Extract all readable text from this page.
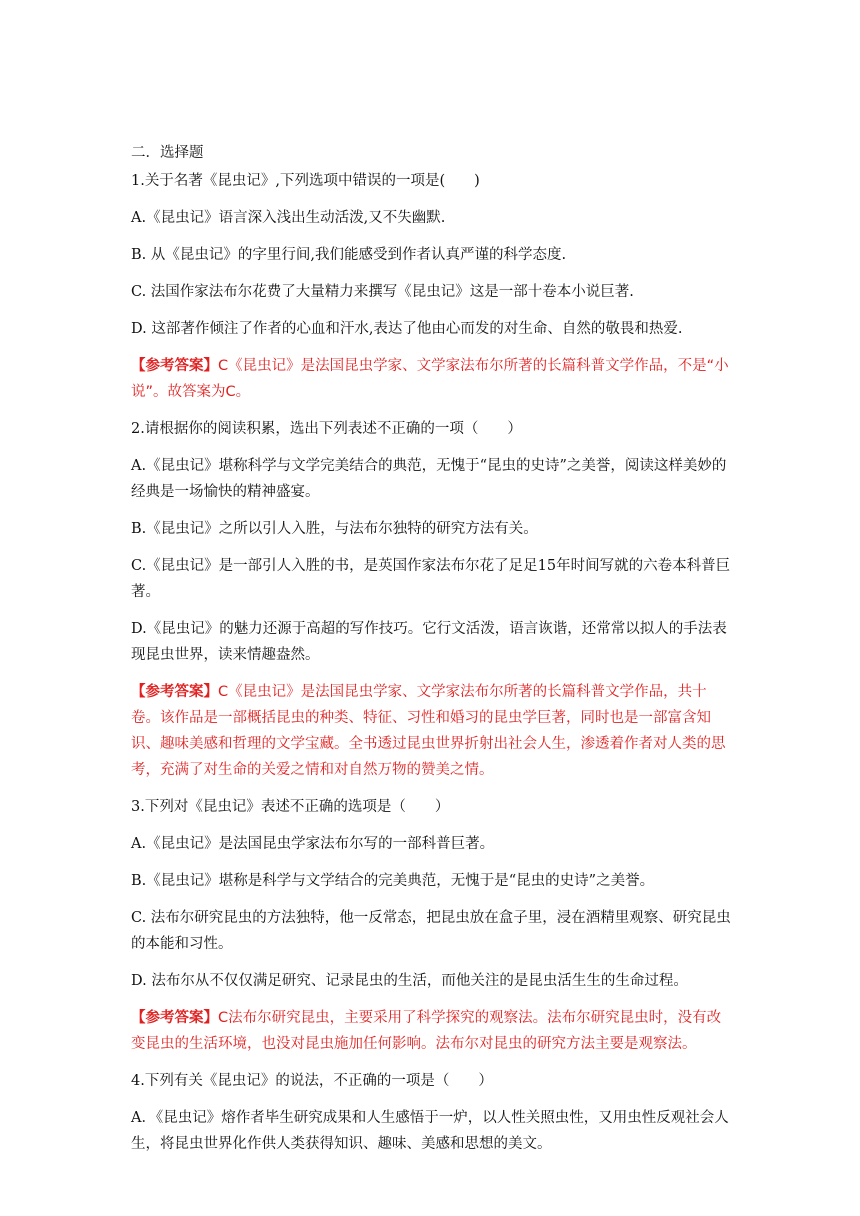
二．选择题
1.关于名著《昆虫记》,下列选项中错误的一项是(　　)
A.《昆虫记》语言深入浅出生动活泼,又不失幽默.
B. 从《昆虫记》的字里行间,我们能感受到作者认真严谨的科学态度.
C. 法国作家法布尔花费了大量精力来撰写《昆虫记》这是一部十卷本小说巨著.
D. 这部著作倾注了作者的心血和汗水,表达了他由心而发的对生命、自然的敬畏和热爱.
【参考答案】C《昆虫记》是法国昆虫学家、文学家法布尔所著的长篇科普文学作品，不是“小说”。故答案为C。
2.请根据你的阅读积累，选出下列表述不正确的一项（　　）
A.《昆虫记》堪称科学与文学完美结合的典范，无愧于“昆虫的史诗”之美誉，阅读这样美妙的经典是一场愉快的精神盛宴。
B.《昆虫记》之所以引人入胜，与法布尔独特的研究方法有关。
C.《昆虫记》是一部引人入胜的书，是英国作家法布尔花了足足15年时间写就的六卷本科普巨著。
D.《昆虫记》的魅力还源于高超的写作技巧。它行文活泼，语言诙谐，还常常以拟人的手法表现昆虫世界，读来情趣盎然。
【参考答案】C《昆虫记》是法国昆虫学家、文学家法布尔所著的长篇科普文学作品，共十卷。该作品是一部概括昆虫的种类、特征、习性和婚习的昆虫学巨著，同时也是一部富含知识、趣味美感和哲理的文学宝藏。全书透过昆虫世界折射出社会人生，渗透着作者对人类的思考，充满了对生命的关爱之情和对自然万物的赞美之情。
3.下列对《昆虫记》表述不正确的选项是（　　）
A.《昆虫记》是法国昆虫学家法布尔写的一部科普巨著。
B.《昆虫记》堪称是科学与文学结合的完美典范，无愧于是“昆虫的史诗”之美誉。
C. 法布尔研究昆虫的方法独特，他一反常态，把昆虫放在盒子里，浸在酒精里观察、研究昆虫的本能和习性。
D. 法布尔从不仅仅满足研究、记录昆虫的生活，而他关注的是昆虫活生生的生命过程。
【参考答案】C法布尔研究昆虫，主要采用了科学探究的观察法。法布尔研究昆虫时，没有改变昆虫的生活环境，也没对昆虫施加任何影响。法布尔对昆虫的研究方法主要是观察法。
4.下列有关《昆虫记》的说法，不正确的一项是（　　）
A．《昆虫记》熔作者毕生研究成果和人生感悟于一炉，以人性关照虫性，又用虫性反观社会人生，将昆虫世界化作供人类获得知识、趣味、美感和思想的美文。
